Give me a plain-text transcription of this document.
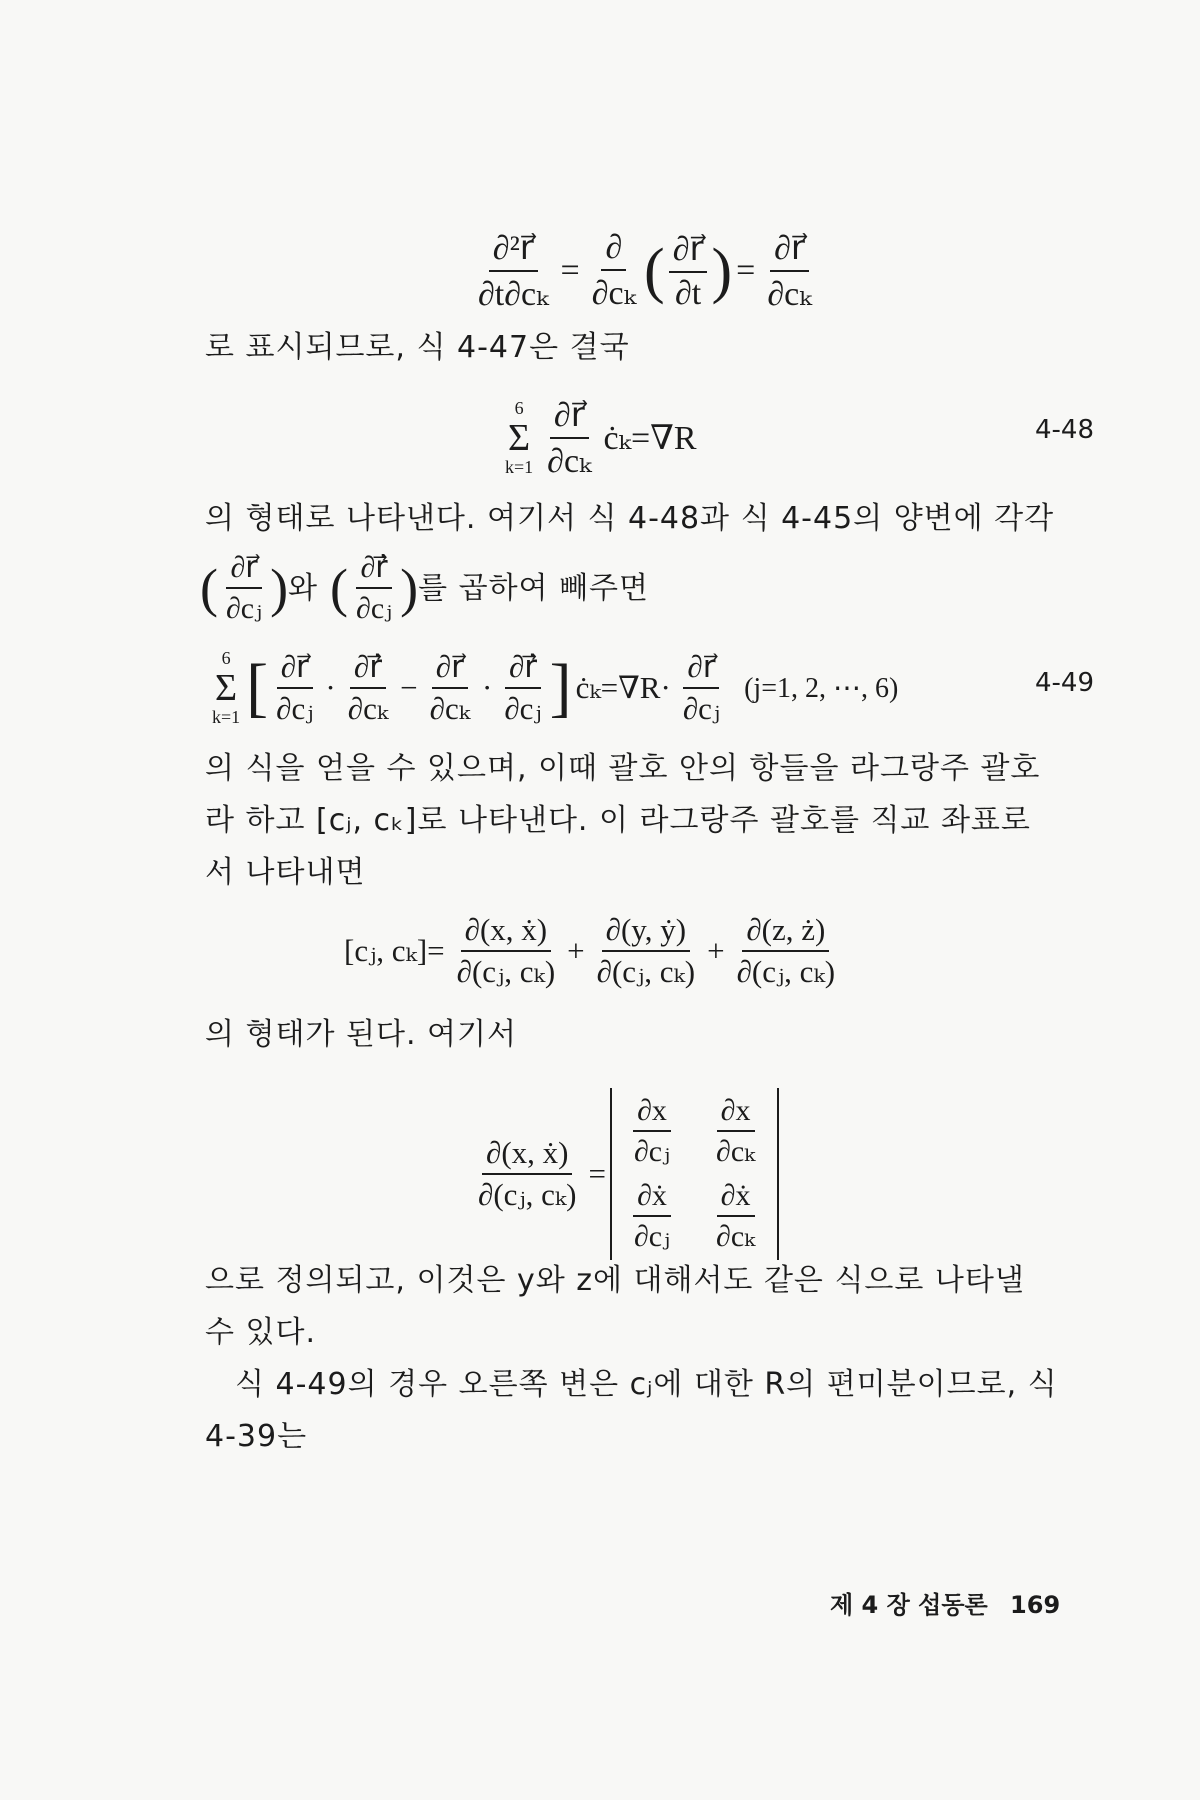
$\frac{\text{∂²r⃗}}{\text{∂t∂cₖ}} = \frac{\partial}{\text{∂cₖ}}$ ( $\frac{\partial r⃗}{\partial t}$ ) = $\frac{\partial r⃗}{\text{∂cₖ}}$
로 표시되므로, 식 4-47은 결국
6
Σ
$k=1 \frac{\partial r⃗}{\text{∂cₖ}}$ ċₖ=∇R	4-48
의 형태로 나타낸다. 여기서 식 4-48과 식 4-45의 양변에 각각
( $\frac{\partial r⃗}{\text{∂cⱼ}}$ ) 와 ( $\frac{\text{∂ṙ⃗}}{\text{∂cⱼ}}$ ) 를 곱하여 빼주면
6
Σ
k=1 [ $\frac{\partial r⃗}{\text{∂cⱼ}} \cdot \frac{\text{∂ṙ⃗}}{\text{∂cₖ}} - \frac{\partial r⃗}{\text{∂cₖ}} \cdot \frac{\text{∂ṙ⃗}}{\text{∂cⱼ}}$ ] ċₖ=∇R· $\frac{\partial r⃗}{\text{∂cⱼ}} (j=1$, 2, ⋯, 6)	4-49
의 식을 얻을 수 있으며, 이때 괄호 안의 항들을 라그랑주 괄호
라 하고 [cⱼ, cₖ]로 나타낸다. 이 라그랑주 괄호를 직교 좌표로
서 나타내면
[cⱼ, $c_k]= \frac{\text{∂(x, ẋ)}}{\text{∂(cⱼ, cₖ)}} + \frac{\text{∂(y, ẏ)}}{\text{∂(cⱼ, cₖ)}} + \frac{\partial(z, ż)}{\text{∂(cⱼ, cₖ)}}$
의 형태가 된다. 여기서
$\frac{\text{∂(x, ẋ)}}{\text{∂(cⱼ, cₖ)}}$ =
$\frac{\partial x}{\text{∂cⱼ}} \frac{\partial x}{\text{∂cₖ}}$
$\frac{\text{∂ẋ}}{\text{∂cⱼ}} \frac{\text{∂ẋ}}{\text{∂cₖ}}$
으로 정의되고, 이것은 y와 z에 대해서도 같은 식으로 나타낼
수 있다.
식 4-49의 경우 오른쪽 변은 cⱼ에 대한 R의 편미분이므로, 식
4-39는
제 4 장 섭동론 169
